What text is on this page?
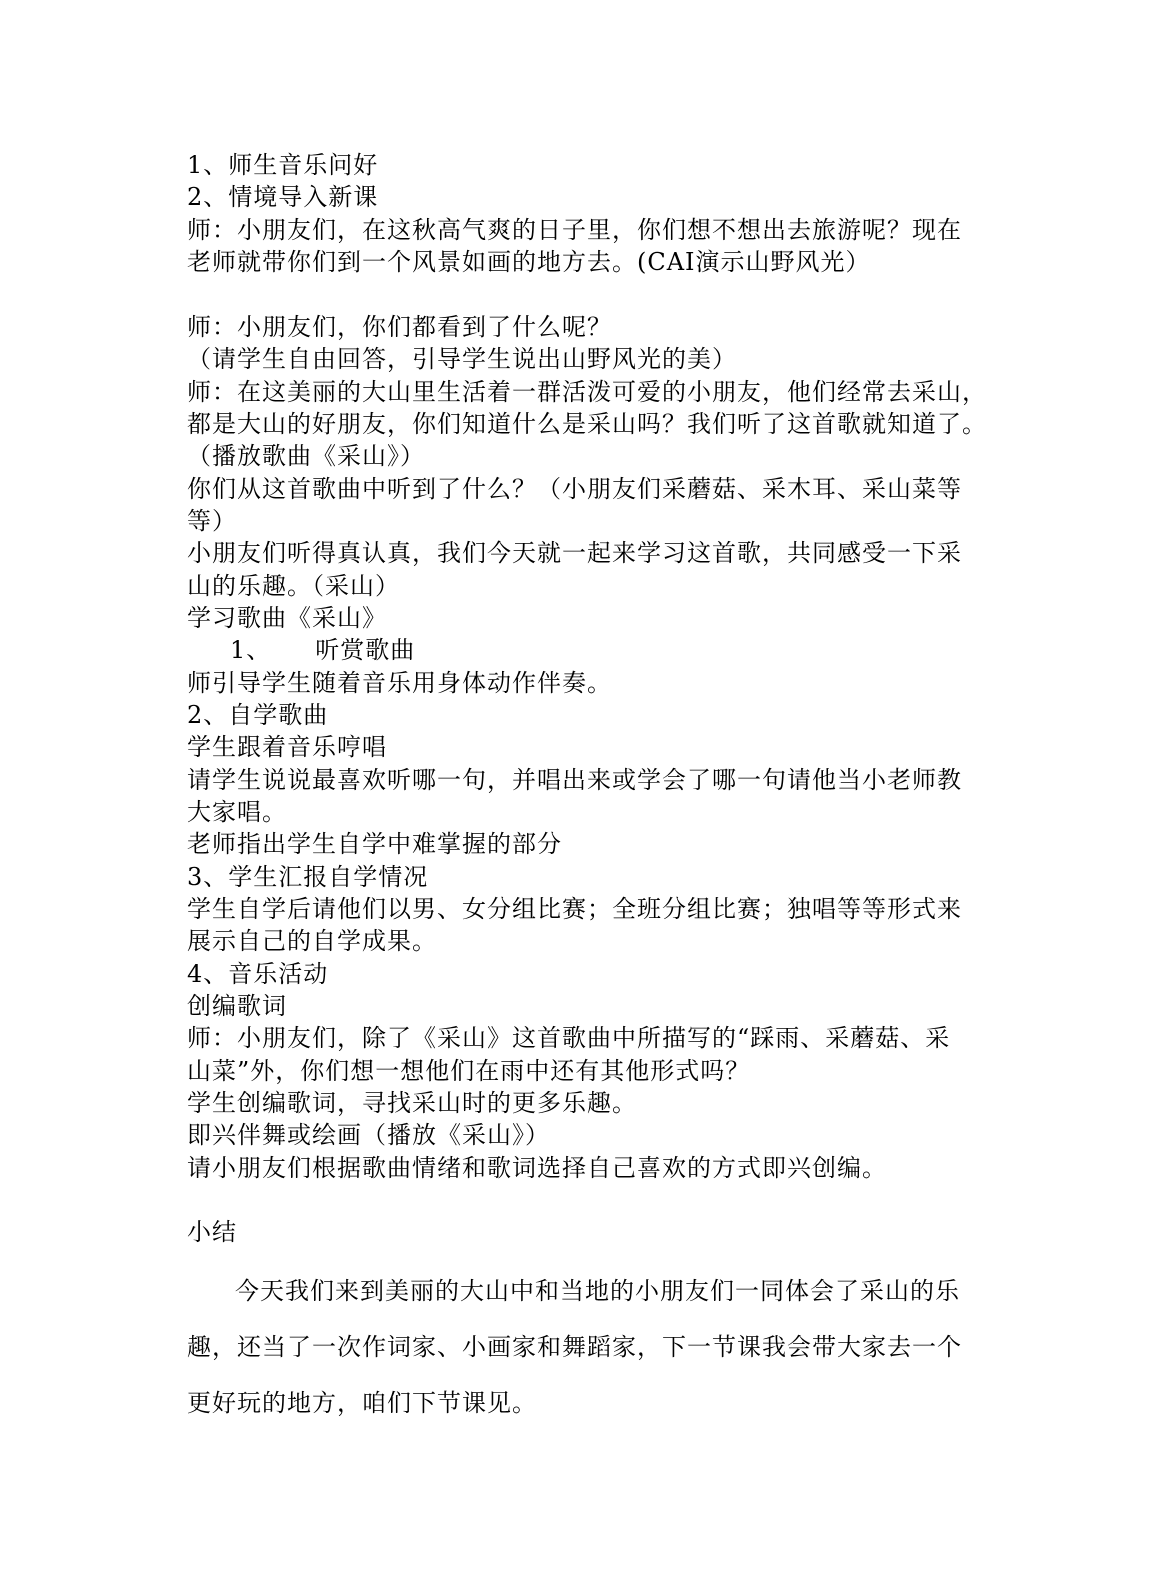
1、师生音乐问好
2、情境导入新课
师：小朋友们，在这秋高气爽的日子里，你们想不想出去旅游呢？现在
老师就带你们到一个风景如画的地方去。(CAI演示山野风光）
师：小朋友们，你们都看到了什么呢？
（请学生自由回答，引导学生说出山野风光的美）
师：在这美丽的大山里生活着一群活泼可爱的小朋友，他们经常去采山，
都是大山的好朋友，你们知道什么是采山吗？我们听了这首歌就知道了。
（播放歌曲《采山》）
你们从这首歌曲中听到了什么？（小朋友们采蘑菇、采木耳、采山菜等
等）
小朋友们听得真认真，我们今天就一起来学习这首歌，共同感受一下采
山的乐趣。（采山）
学习歌曲《采山》
1、 听赏歌曲
师引导学生随着音乐用身体动作伴奏。
2、自学歌曲
学生跟着音乐哼唱
请学生说说最喜欢听哪一句，并唱出来或学会了哪一句请他当小老师教
大家唱。
老师指出学生自学中难掌握的部分
3、学生汇报自学情况
学生自学后请他们以男、女分组比赛；全班分组比赛；独唱等等形式来
展示自己的自学成果。
4、音乐活动
创编歌词
师：小朋友们，除了《采山》这首歌曲中所描写的“踩雨、采蘑菇、采
山菜”外，你们想一想他们在雨中还有其他形式吗？
学生创编歌词，寻找采山时的更多乐趣。
即兴伴舞或绘画（播放《采山》）
请小朋友们根据歌曲情绪和歌词选择自己喜欢的方式即兴创编。
小结
今天我们来到美丽的大山中和当地的小朋友们一同体会了采山的乐
趣，还当了一次作词家、小画家和舞蹈家，下一节课我会带大家去一个
更好玩的地方，咱们下节课见。
